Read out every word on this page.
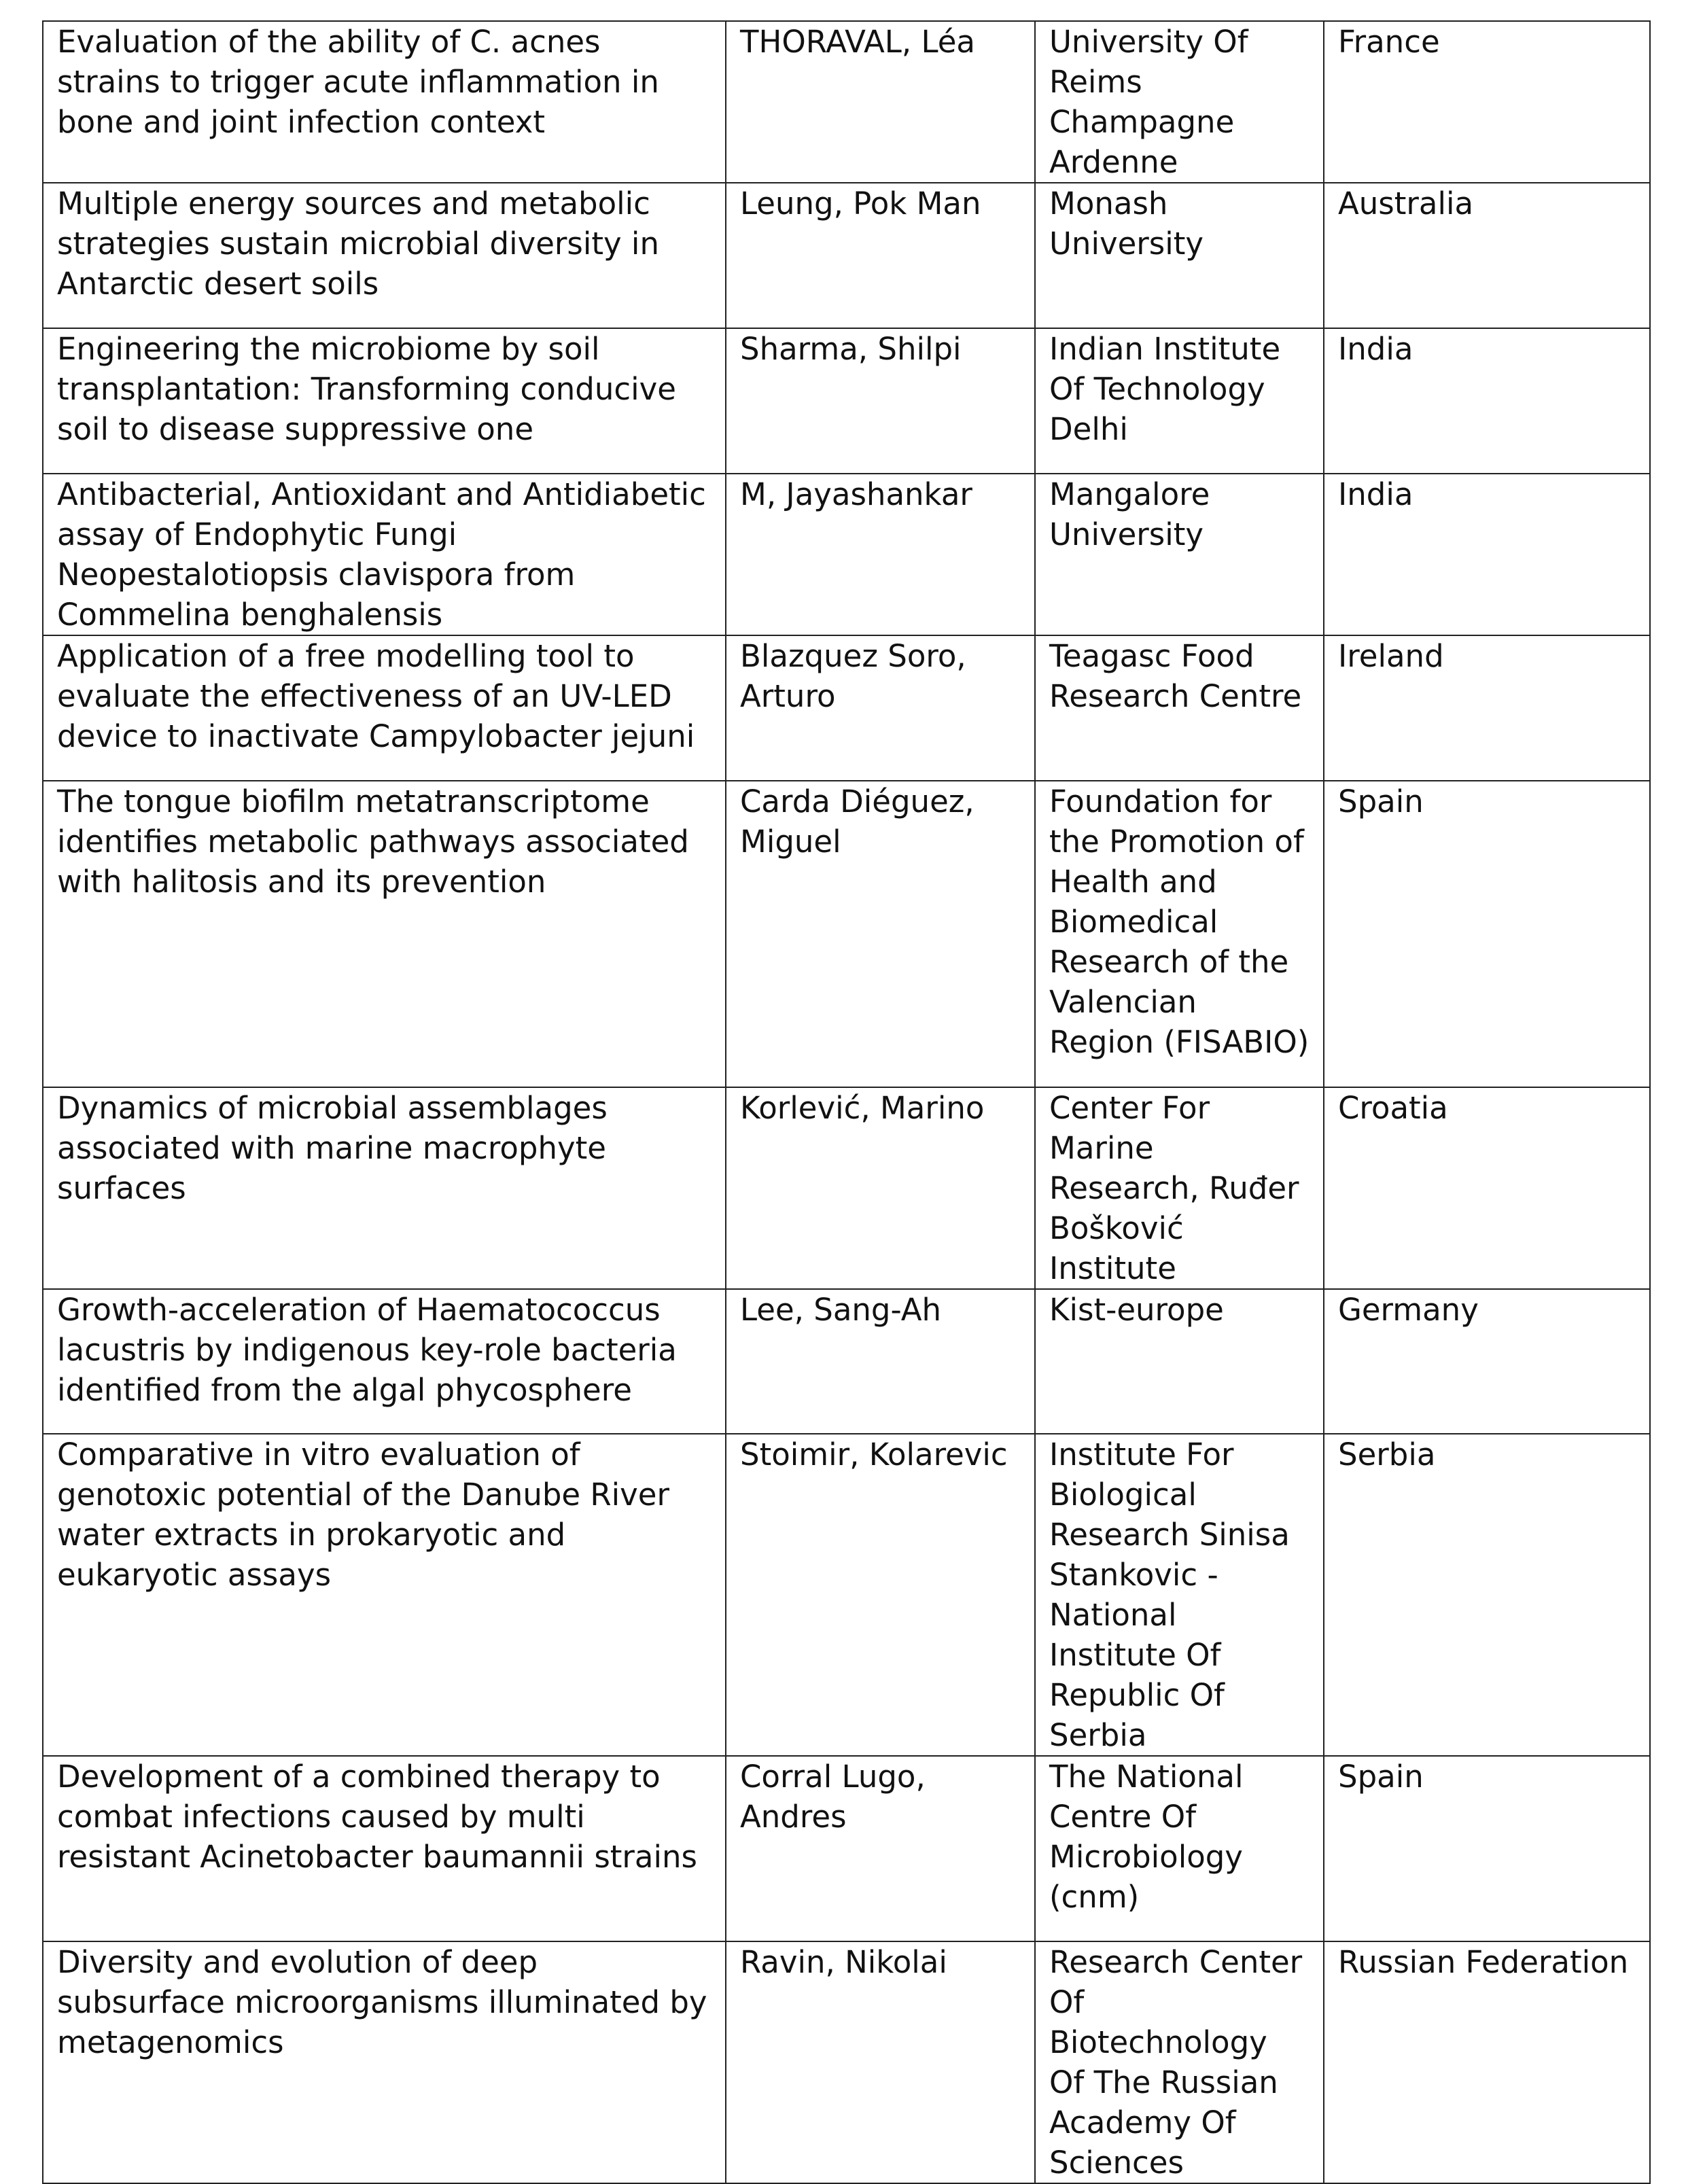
Evaluation of the ability of C. acnes strains to trigger acute inflammation in bone and joint infection context	THORAVAL, Léa	University Of Reims Champagne Ardenne	France

Multiple energy sources and metabolic strategies sustain microbial diversity in Antarctic desert soils	Leung, Pok Man	Monash University	Australia

Engineering the microbiome by soil transplantation: Transforming conducive soil to disease suppressive one	Sharma, Shilpi	Indian Institute Of Technology Delhi	India

Antibacterial, Antioxidant and Antidiabetic assay of Endophytic Fungi Neopestalotiopsis clavispora from Commelina benghalensis	M, Jayashankar	Mangalore University	India

Application of a free modelling tool to evaluate the effectiveness of an UV-LED device to inactivate Campylobacter jejuni	Blazquez Soro, Arturo	Teagasc Food Research Centre	Ireland

The tongue biofilm metatranscriptome identifies metabolic pathways associated with halitosis and its prevention	Carda Diéguez, Miguel	Foundation for the Promotion of Health and Biomedical Research of the Valencian Region (FISABIO)	Spain

Dynamics of microbial assemblages associated with marine macrophyte surfaces	Korlević, Marino	Center For Marine Research, Ruđer Bošković Institute	Croatia

Growth-acceleration of Haematococcus lacustris by indigenous key-role bacteria identified from the algal phycosphere	Lee, Sang-Ah	Kist-europe	Germany

Comparative in vitro evaluation of genotoxic potential of the Danube River water extracts in prokaryotic and eukaryotic assays	Stoimir, Kolarevic	Institute For Biological Research Sinisa Stankovic - National Institute Of Republic Of Serbia	Serbia

Development of a combined therapy to combat infections caused by multi resistant Acinetobacter baumannii strains	Corral Lugo, Andres	The National Centre Of Microbiology (cnm)	Spain

Diversity and evolution of deep subsurface microorganisms illuminated by metagenomics	Ravin, Nikolai	Research Center Of Biotechnology Of The Russian Academy Of Sciences	Russian Federation
